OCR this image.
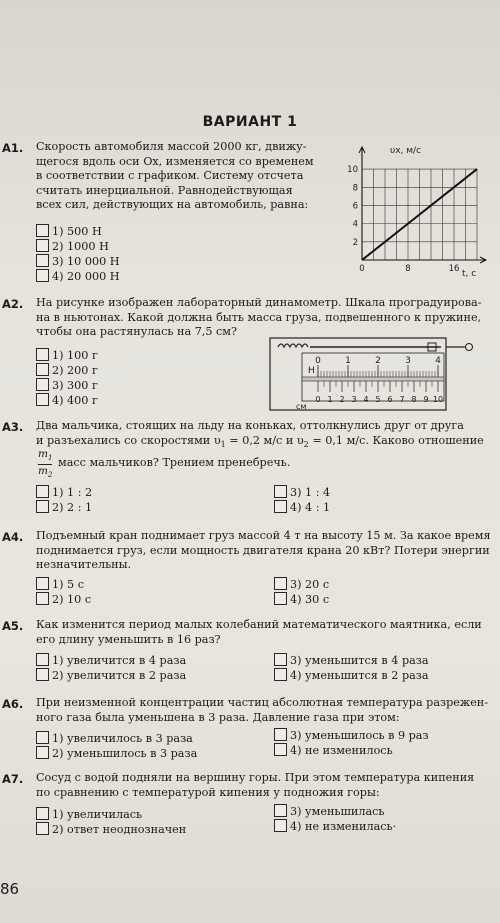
ВАРИАНТ 1
А1. Скорость автомобиля массой 2000 кг, движу-
щегося вдоль оси Ox, изменяется со временем
в соответствии с графиком. Систему отсчета
считать инерциальной. Равнодействующая
всех сил, действующих на автомобиль, равна:
1) 500 Н
2) 1000 Н
3) 10 000 Н
4) 20 000 Н
υx, м/с
10
8
6
4
2
0	8	16 t, с
А2. На рисунке изображен лабораторный динамометр. Шкала проградуирова-
на в ньютонах. Какой должна быть масса груза, подвешенного к пружине,
чтобы она растянулась на 7,5 см?
1) 100 г
2) 200 г
3) 300 г
4) 400 г
0	1	2	3	4
Н
0 1 2 3 4 5 6 7 8 9 10
см
А3. Два мальчика, стоящих на льду на коньках, оттолкнулись друг от друга
и разъехались со скоростями $\upsilon_1 = 0,2$ м/с и $\upsilon_2 = 0,1$ м/с. Каково отношение
$m_1$
$m_2$
масс мальчиков? Трением пренебречь.
1) 1 : 2
2) 2 : 1
3) 1 : 4
4) 4 : 1
А4. Подъемный кран поднимает груз массой 4 т на высоту 15 м. За какое время
поднимается груз, если мощность двигателя крана 20 кВт? Потери энергии
незначительны.
1) 5 с
2) 10 с
3) 20 с
4) 30 с
А5. Как изменится период малых колебаний математического маятника, если
его длину уменьшить в 16 раз?
1) увеличится в 4 раза
2) увеличится в 2 раза
3) уменьшится в 4 раза
4) уменьшится в 2 раза
А6. При неизменной концентрации частиц абсолютная температура разрежен-
ного газа была уменьшена в 3 раза. Давление газа при этом:
1) увеличилось в 3 раза
2) уменьшилось в 3 раза
3) уменьшилось в 9 раз
4) не изменилось
А7. Сосуд с водой подняли на вершину горы. При этом температура кипения
по сравнению с температурой кипения у подножия горы:
1) увеличилась
2) ответ неоднозначен
3) уменьшилась
4) не изменилась·
86
